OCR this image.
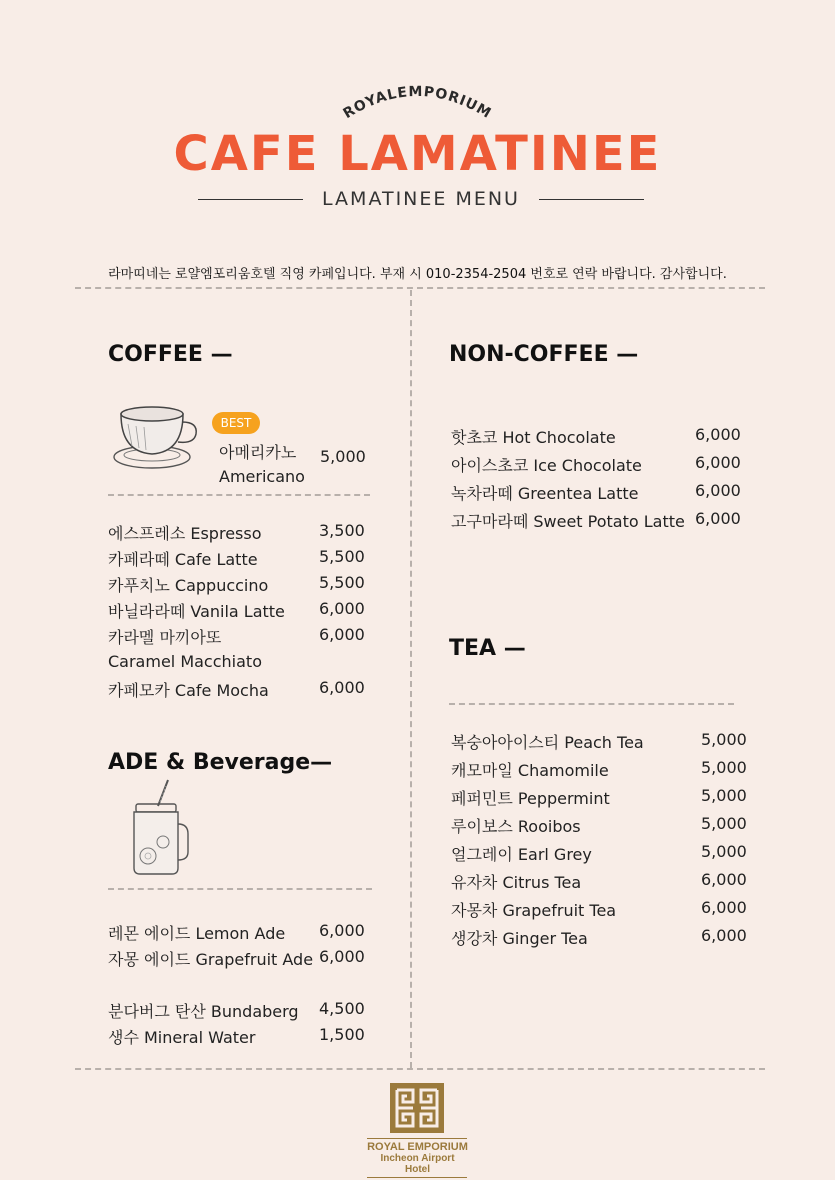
ROYALEMPORIUM
CAFE LAMATINEE
LAMATINEE MENU
라마띠네는 로얄엠포리움호텔 직영 카페입니다. 부재 시 010-2354-2504 번호로 연락 바랍니다. 감사합니다.
COFFEE —
BEST
아메리카노
Americano
5,000
에스프레소 Espresso	3,500
카페라떼 Cafe Latte	5,500
카푸치노 Cappuccino	5,500
바닐라라떼 Vanila Latte 6,000
카라멜 마끼아또	6,000
Caramel Macchiato
카페모카 Cafe Mocha	6,000
ADE & Beverage—
레몬 에이드 Lemon Ade 6,000
자몽 에이드 Grapefruit Ade 6,000
분다버그 탄산 Bundaberg 4,500
생수 Mineral Water	1,500
NON-COFFEE —
핫초코 Hot Chocolate	6,000
아이스초코 Ice Chocolate	6,000
녹차라떼 Greentea Latte	6,000
고구마라떼 Sweet Potato Latte 6,000
TEA —
복숭아아이스티 Peach Tea	5,000
캐모마일 Chamomile	5,000
페퍼민트 Peppermint	5,000
루이보스 Rooibos	5,000
얼그레이 Earl Grey	5,000
유자차 Citrus Tea	6,000
자몽차 Grapefruit Tea	6,000
생강차 Ginger Tea	6,000
ROYAL EMPORIUM
Incheon Airport
Hotel
